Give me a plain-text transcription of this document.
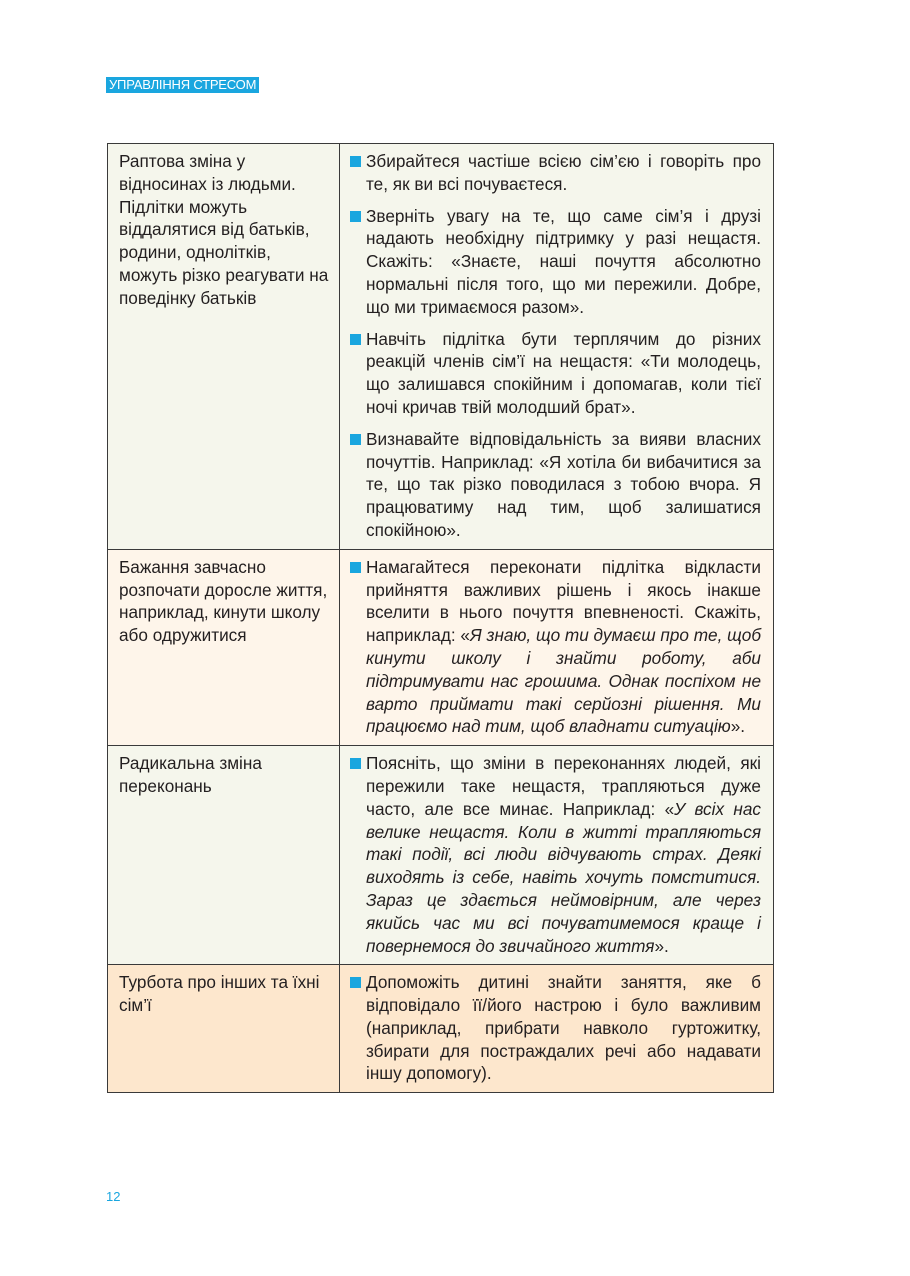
УПРАВЛІННЯ СТРЕСОМ
Раптова зміна у відносинах із людьми. Підлітки можуть віддалятися від батьків, родини, однолітків, можуть різко реагувати на поведінку батьків	Збирайтеся частіше всією сім’єю і говоріть про те, як ви всі почуваєтеся.
Зверніть увагу на те, що саме сім’я і друзі надають необхідну підтримку у разі нещастя. Скажіть: «Знаєте, наші почуття абсолютно нормальні після того, що ми пережили. Добре, що ми тримаємося разом».
Навчіть підлітка бути терплячим до різних реакцій членів сім’ї на нещастя: «Ти молодець, що залишався спокійним і допомагав, коли тієї ночі кричав твій молодший брат».
Визнавайте відповідальність за вияви власних почуттів. Наприклад: «Я хотіла би вибачитися за те, що так різко поводилася з тобою вчора. Я працюватиму над тим, щоб залишатися спокійною».

Бажання завчасно розпочати доросле життя, наприклад, кинути школу або одружитися	Намагайтеся переконати підлітка відкласти прийняття важливих рішень і якось інакше вселити в нього почуття впевненості. Скажіть, наприклад: «Я знаю, що ти думаєш про те, щоб кинути школу і знайти роботу, аби підтримувати нас грошима. Однак поспіхом не варто приймати такі серйозні рішення. Ми працюємо над тим, щоб владнати ситуацію».

Радикальна зміна переконань	Поясніть, що зміни в переконаннях людей, які пережили таке нещастя, трапляються дуже часто, але все минає. Наприклад: «У всіх нас велике нещастя. Коли в житті трапляються такі події, всі люди відчувають страх. Деякі виходять із себе, навіть хочуть помститися. Зараз це здається неймовірним, але через якийсь час ми всі почуватимемося краще і повернемося до звичайного життя».

Турбота про інших та їхні сім’ї	Допоможіть дитині знайти заняття, яке б відповідало її/його настрою і було важливим (наприклад, прибрати навколо гуртожитку, збирати для постраждалих речі або надавати іншу допомогу).
12
